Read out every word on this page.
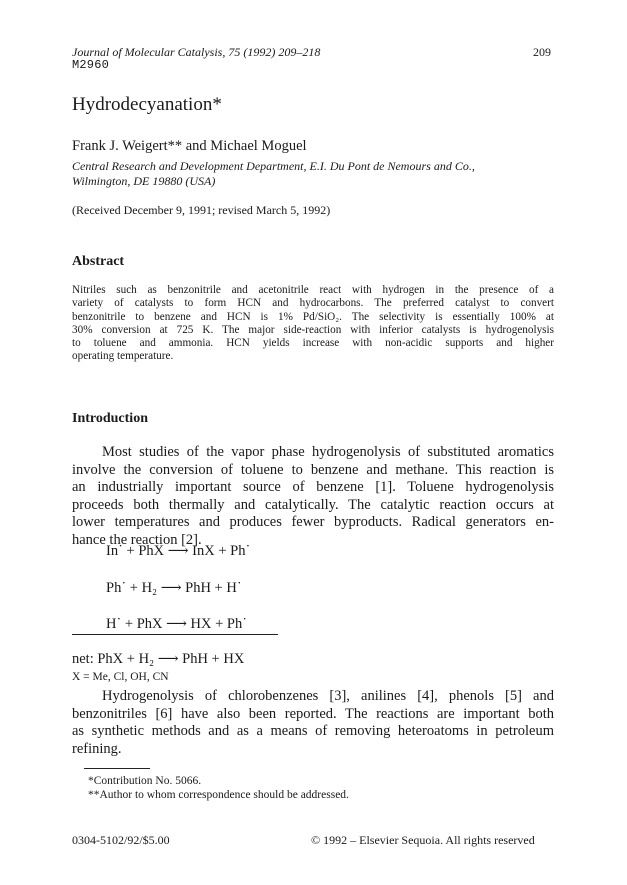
Journal of Molecular Catalysis, 75 (1992) 209–218	209
M2960
Hydrodecyanation*
Frank J. Weigert** and Michael Moguel
Central Research and Development Department, E.I. Du Pont de Nemours and Co.,
Wilmington, DE 19880 (USA)
(Received December 9, 1991; revised March 5, 1992)
Abstract
Nitriles such as benzonitrile and acetonitrile react with hydrogen in the presence of a
variety of catalysts to form HCN and hydrocarbons. The preferred catalyst to convert
benzonitrile to benzene and HCN is 1% Pd/SiO₂. The selectivity is essentially 100% at
30% conversion at 725 K. The major side-reaction with inferior catalysts is hydrogenolysis
to toluene and ammonia. HCN yields increase with non-acidic supports and higher
operating temperature.
Introduction
Most studies of the vapor phase hydrogenolysis of substituted aromatics
involve the conversion of toluene to benzene and methane. This reaction is
an industrially important source of benzene [1]. Toluene hydrogenolysis
proceeds both thermally and catalytically. The catalytic reaction occurs at
lower temperatures and produces fewer byproducts. Radical generators en-
hance the reaction [2].
In˙ + PhX ⟶ InX + Ph˙
Ph˙ + H₂ ⟶ PhH + H˙
H˙ + PhX ⟶ HX + Ph˙
net: PhX + H₂ ⟶ PhH + HX
X = Me, Cl, OH, CN
Hydrogenolysis of chlorobenzenes [3], anilines [4], phenols [5] and
benzonitriles [6] have also been reported. The reactions are important both
as synthetic methods and as a means of removing heteroatoms in petroleum
refining.
*Contribution No. 5066.
**Author to whom correspondence should be addressed.
0304-5102/92/$5.00	© 1992 – Elsevier Sequoia. All rights reserved
